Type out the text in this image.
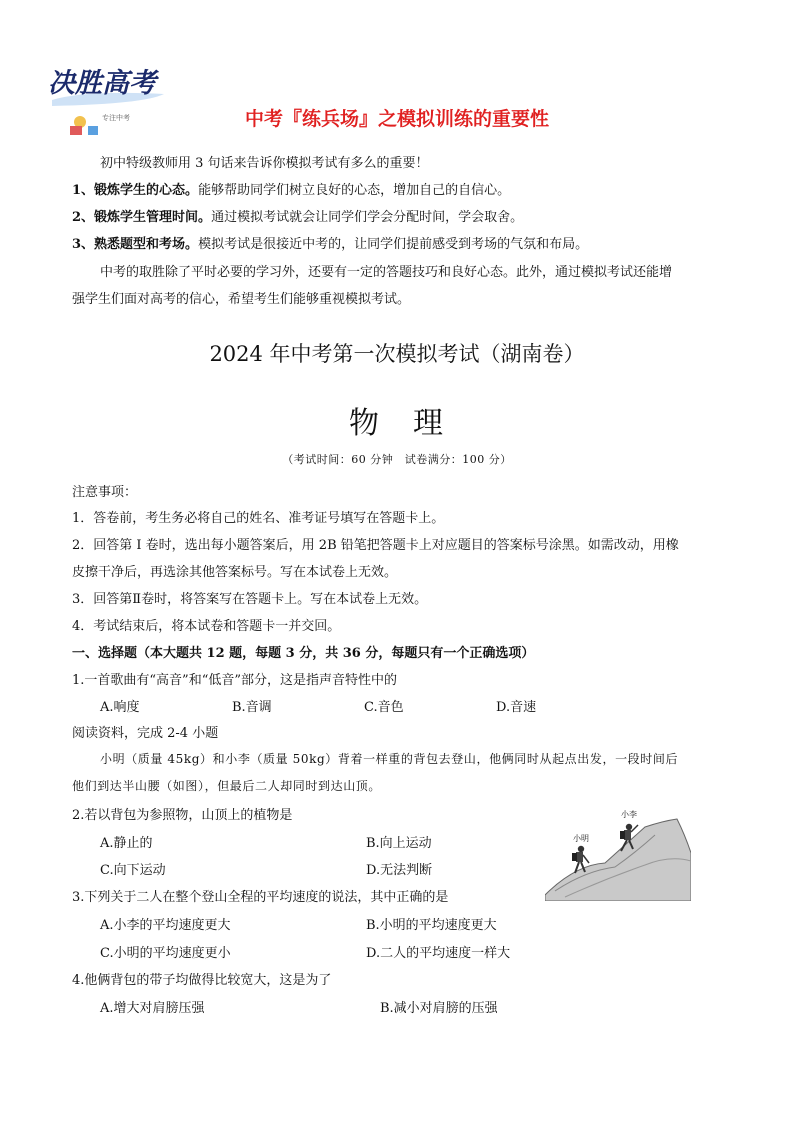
决胜高考
专注中考	中考『练兵场』之模拟训练的重要性
初中特级教师用 3 句话来告诉你模拟考试有多么的重要！
1、锻炼学生的心态。能够帮助同学们树立良好的心态，增加自己的自信心。
2、锻炼学生管理时间。通过模拟考试就会让同学们学会分配时间，学会取舍。
3、熟悉题型和考场。模拟考试是很接近中考的，让同学们提前感受到考场的气氛和布局。
中考的取胜除了平时必要的学习外，还要有一定的答题技巧和良好心态。此外，通过模拟考试还能增
强学生们面对高考的信心，希望考生们能够重视模拟考试。
2024 年中考第一次模拟考试（湖南卷）
物　理
（考试时间：60 分钟　试卷满分：100 分）
注意事项：
1．答卷前，考生务必将自己的姓名、准考证号填写在答题卡上。
2．回答第 I 卷时，选出每小题答案后，用 2B 铅笔把答题卡上对应题目的答案标号涂黑。如需改动，用橡
皮擦干净后，再选涂其他答案标号。写在本试卷上无效。
3．回答第Ⅱ卷时，将答案写在答题卡上。写在本试卷上无效。
4．考试结束后，将本试卷和答题卡一并交回。
一、选择题（本大题共 12 题，每题 3 分，共 36 分，每题只有一个正确选项）
1.一首歌曲有“高音”和“低音”部分，这是指声音特性中的
A.响度	B.音调	C.音色	D.音速
阅读资料，完成 2-4 小题
小明（质量 45kg）和小李（质量 50kg）背着一样重的背包去登山，他俩同时从起点出发，一段时间后
他们到达半山腰（如图），但最后二人却同时到达山顶。
2.若以背包为参照物，山顶上的植物是
A.静止的	B.向上运动
C.向下运动	D.无法判断
小明
小李
3.下列关于二人在整个登山全程的平均速度的说法，其中正确的是
A.小李的平均速度更大	B.小明的平均速度更大
C.小明的平均速度更小	D.二人的平均速度一样大
4.他俩背包的带子均做得比较宽大，这是为了
A.增大对肩膀压强	B.减小对肩膀的压强
